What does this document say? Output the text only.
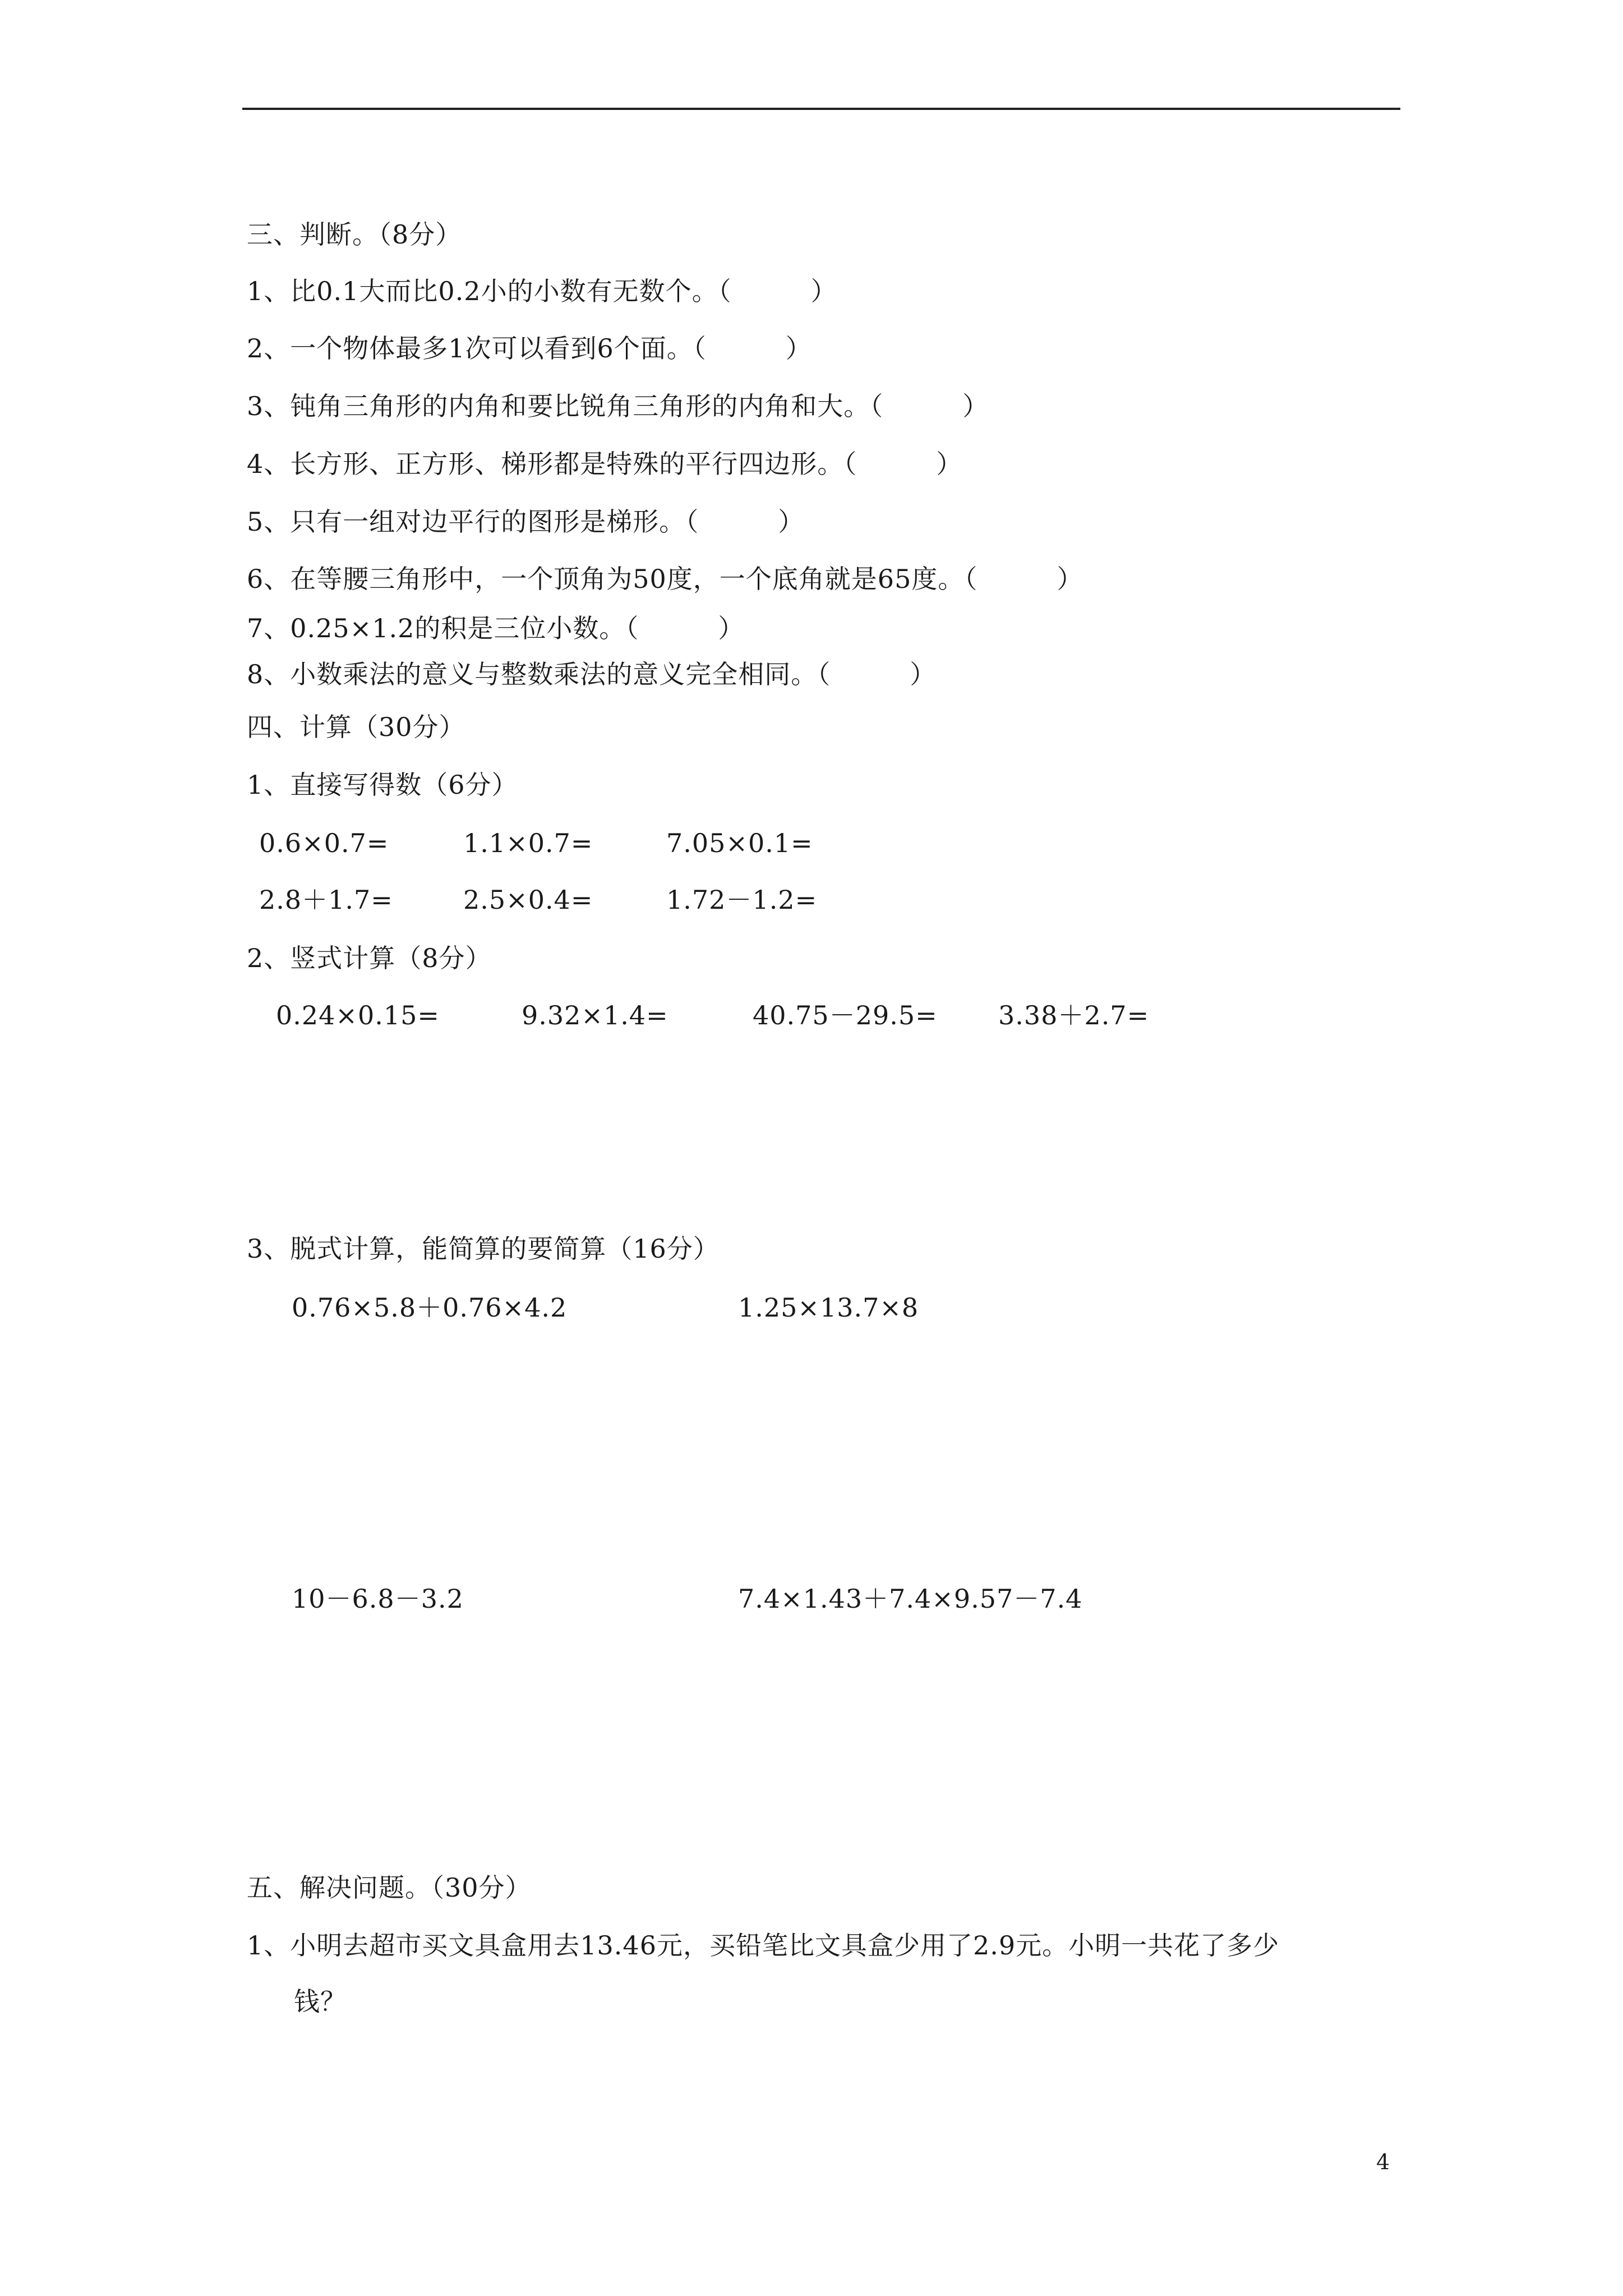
三、判断。（8分）
1、比0.1大而比0.2小的小数有无数个。（　　　）
2、一个物体最多1次可以看到6个面。（　　　）
3、钝角三角形的内角和要比锐角三角形的内角和大。（　　　）
4、长方形、正方形、梯形都是特殊的平行四边形。（　　　）
5、只有一组对边平行的图形是梯形。（　　　）
6、在等腰三角形中，一个顶角为50度，一个底角就是65度。（　　　）
7、0.25×1.2的积是三位小数。（　　　）
8、小数乘法的意义与整数乘法的意义完全相同。（　　　）
四、计算（30分）
1、直接写得数（6分）
0.6×0.7=	1.1×0.7=	7.05×0.1=
2.8＋1.7=	2.5×0.4=	1.72－1.2=
2、竖式计算（8分）
0.24×0.15=	9.32×1.4=	40.75－29.5= 3.38＋2.7=
3、脱式计算，能简算的要简算（16分）
0.76×5.8＋0.76×4.2	1.25×13.7×8
10－6.8－3.2	7.4×1.43＋7.4×9.57－7.4
五、解决问题。（30分）
1、小明去超市买文具盒用去13.46元，买铅笔比文具盒少用了2.9元。小明一共花了多少
钱？
4
